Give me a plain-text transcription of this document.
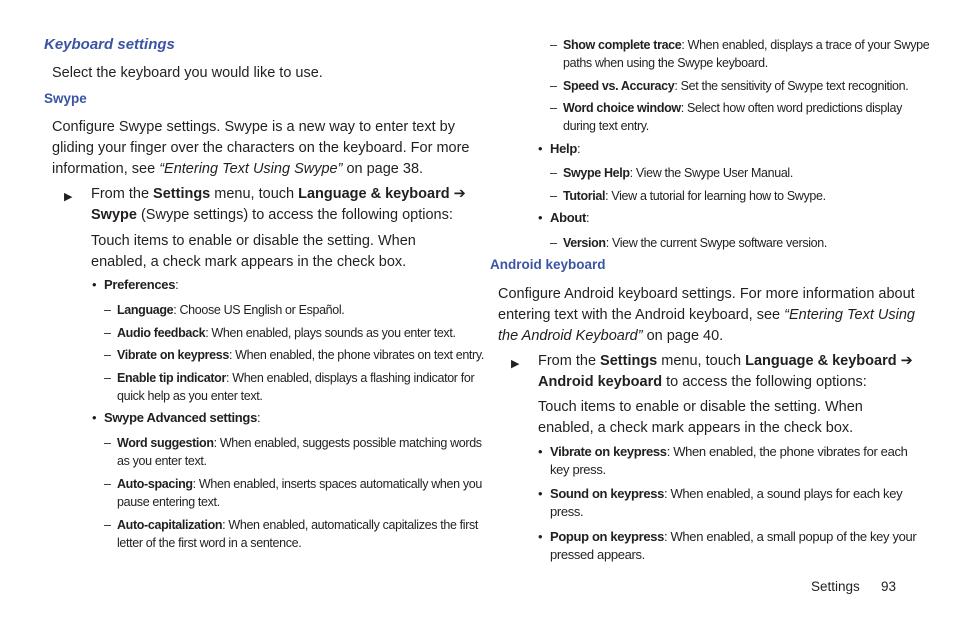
Keyboard settings
Select the keyboard you would like to use.
Swype
Configure Swype settings. Swype is a new way to enter text by
gliding your finger over the characters on the keyboard. For more
information, see “Entering Text Using Swype” on page 38.
▶ From the Settings menu, touch Language & keyboard ➔
Swype (Swype settings) to access the following options:
Touch items to enable or disable the setting. When
enabled, a check mark appears in the check box.
• Preferences:
– Language: Choose US English or Español.
– Audio feedback: When enabled, plays sounds as you enter text.
– Vibrate on keypress: When enabled, the phone vibrates on text entry.
– Enable tip indicator: When enabled, displays a flashing indicator for
quick help as you enter text.
• Swype Advanced settings:
– Word suggestion: When enabled, suggests possible matching words
as you enter text.
– Auto-spacing: When enabled, inserts spaces automatically when you
pause entering text.
– Auto-capitalization: When enabled, automatically capitalizes the first
letter of the first word in a sentence.
– Show complete trace: When enabled, displays a trace of your Swype
paths when using the Swype keyboard.
– Speed vs. Accuracy: Set the sensitivity of Swype text recognition.
– Word choice window: Select how often word predictions display
during text entry.
• Help:
– Swype Help: View the Swype User Manual.
– Tutorial: View a tutorial for learning how to Swype.
• About:
– Version: View the current Swype software version.
Android keyboard
Configure Android keyboard settings. For more information about
entering text with the Android keyboard, see “Entering Text Using
the Android Keyboard” on page 40.
▶ From the Settings menu, touch Language & keyboard ➔
Android keyboard to access the following options:
Touch items to enable or disable the setting. When
enabled, a check mark appears in the check box.
• Vibrate on keypress: When enabled, the phone vibrates for each
key press.
• Sound on keypress: When enabled, a sound plays for each key
press.
• Popup on keypress: When enabled, a small popup of the key your
pressed appears.
Settings 93
